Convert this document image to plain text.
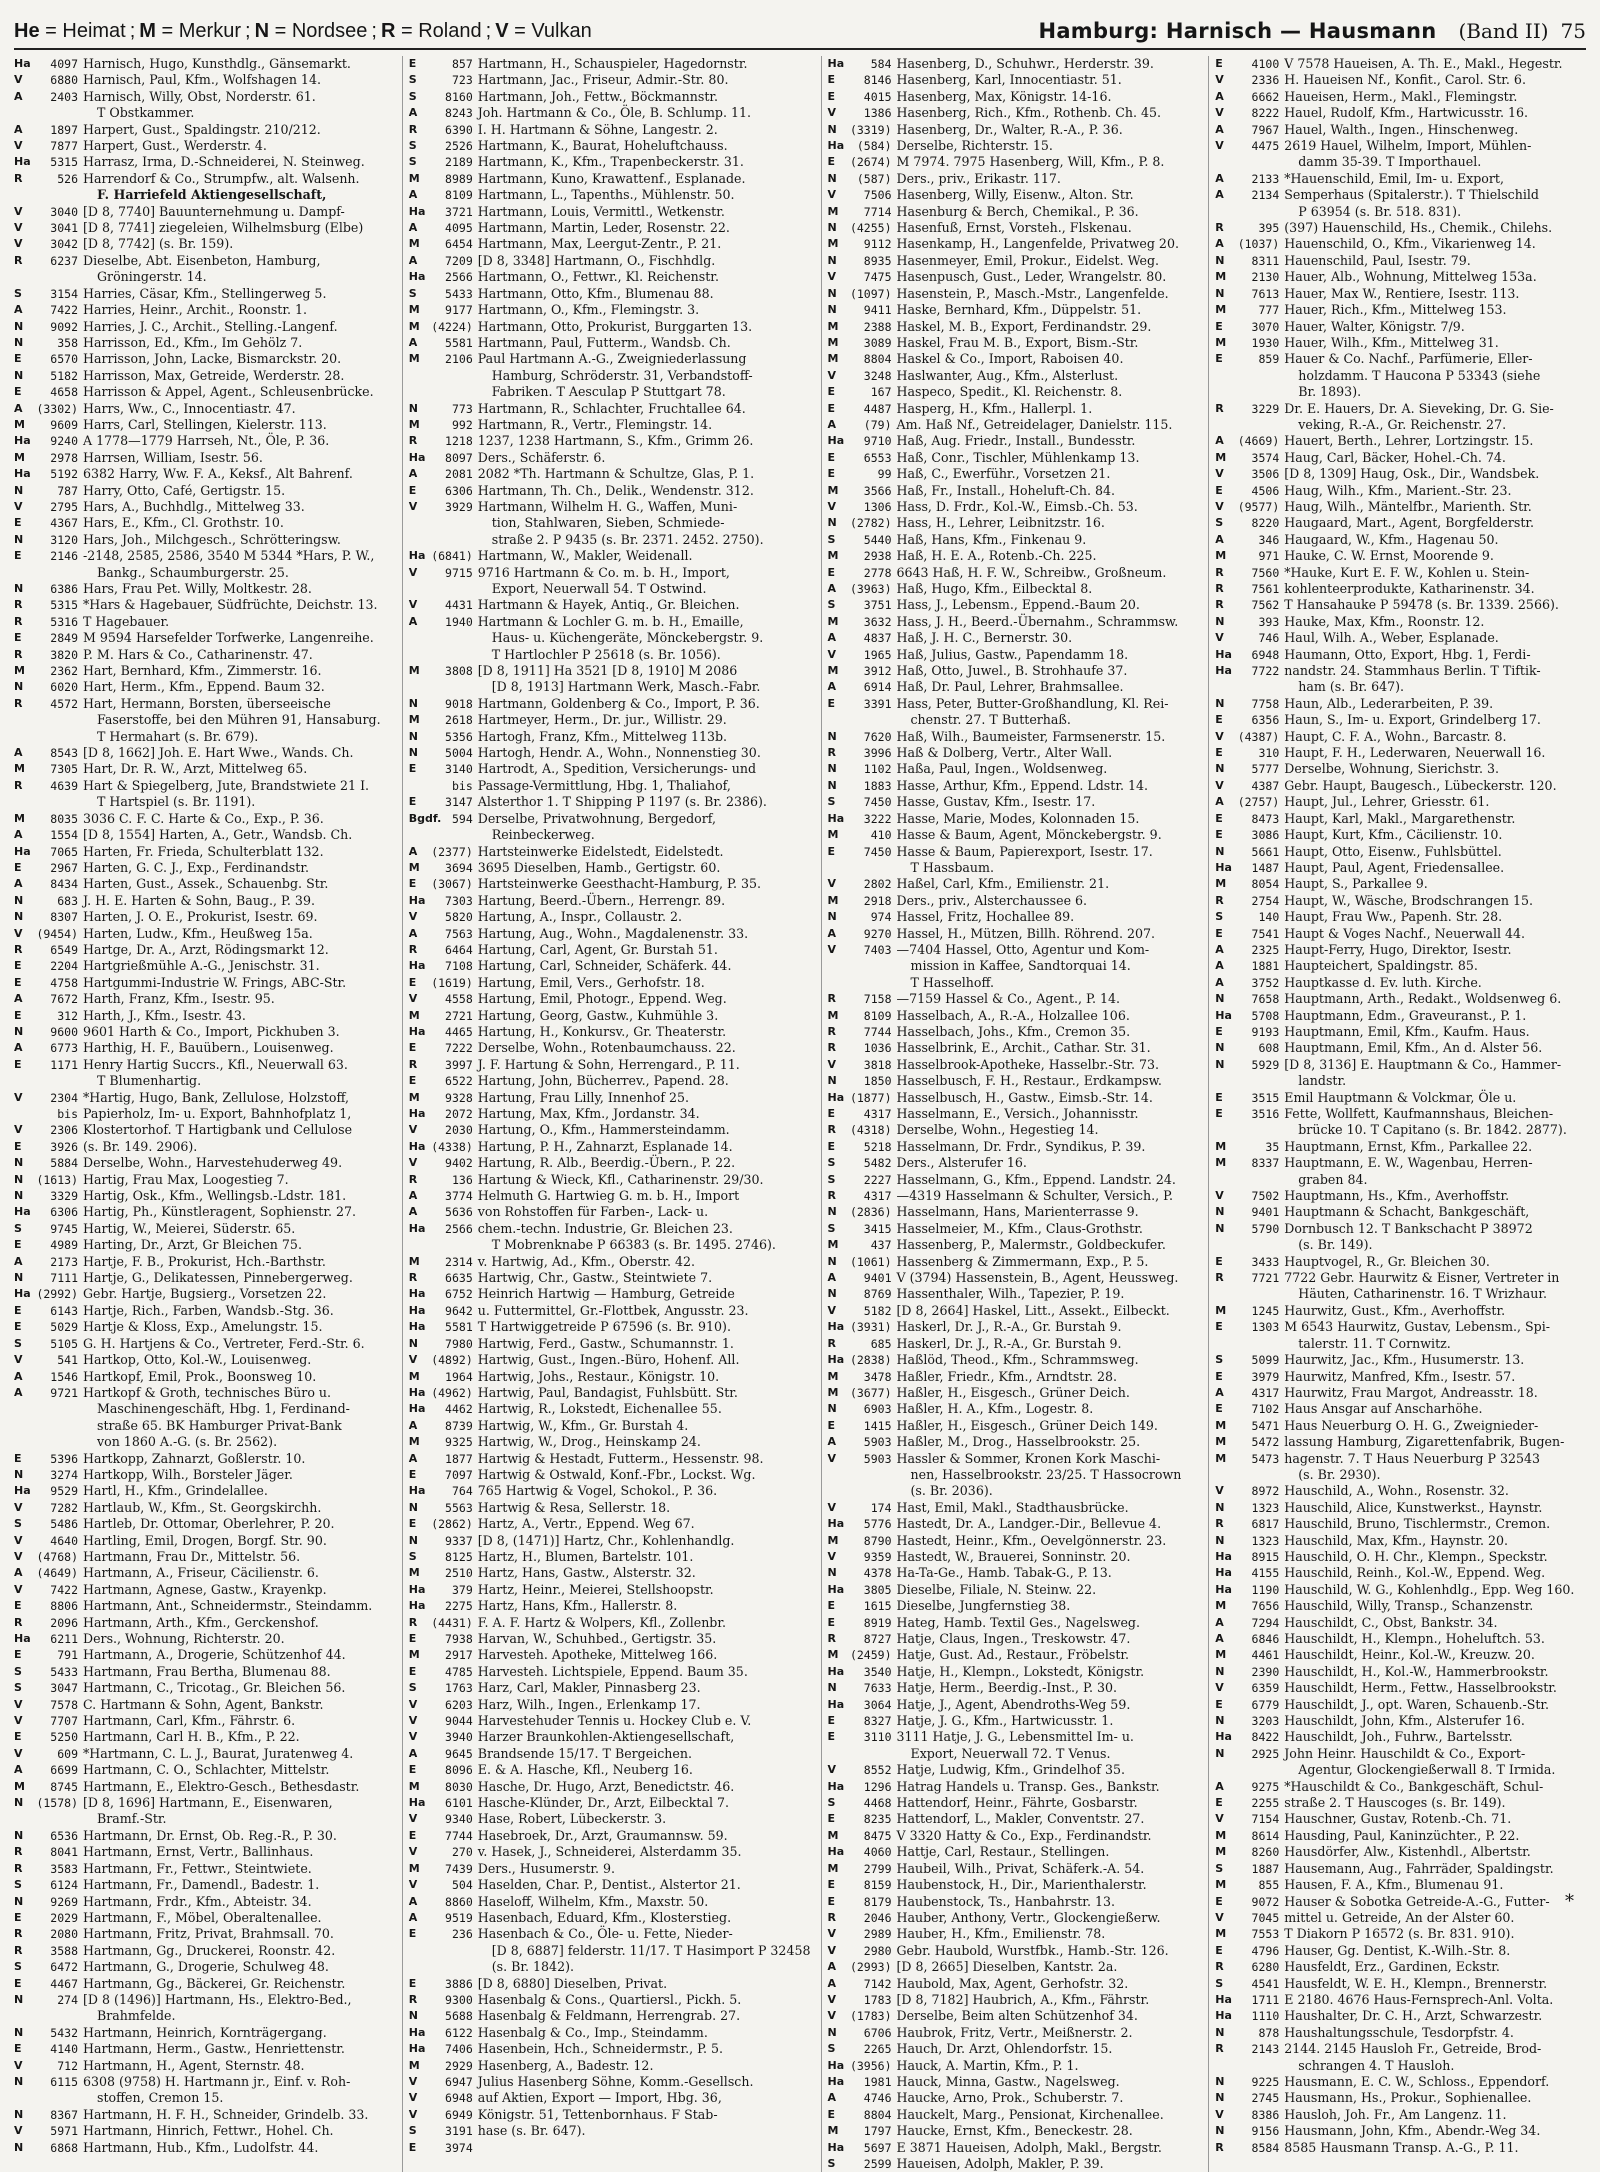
He = Heimat ; M = Merkur ; N = Nordsee ; R = Roland ; V = Vulkan	Hamburg: Harnisch — Hausmann (Band II) 75
Ha	4097 Harnisch, Hugo, Kunsthdlg., Gänsemarkt.
V	6880 Harnisch, Paul, Kfm., Wolfshagen 14.
A	2403 Harnisch, Willy, Obst, Norderstr. 61.
T Obstkammer.
A	1897 Harpert, Gust., Spaldingstr. 210/212.
V	7877 Harpert, Gust., Werderstr. 4.
Ha	5315 Harrasz, Irma, D.-Schneiderei, N. Steinweg.
R	526 Harrendorf & Co., Strumpfw., alt. Walsenh.
F. Harriefeld Aktiengesellschaft,
V	3040 [D 8, 7740] Bauunternehmung u. Dampf-
V	3041 [D 8, 7741] ziegeleien, Wilhelmsburg (Elbe)
V	3042 [D 8, 7742] (s. Br. 159).
R	6237 Dieselbe, Abt. Eisenbeton, Hamburg,
Gröningerstr. 14.
S	3154 Harries, Cäsar, Kfm., Stellingerweg 5.
A	7422 Harries, Heinr., Archit., Roonstr. 1.
N	9092 Harries, J. C., Archit., Stelling.-Langenf.
N	358 Harrisson, Ed., Kfm., Im Gehölz 7.
E	6570 Harrisson, John, Lacke, Bismarckstr. 20.
N	5182 Harrisson, Max, Getreide, Werderstr. 28.
E	4658 Harrisson & Appel, Agent., Schleusenbrücke.
A	(3302) Harrs, Ww., C., Innocentiastr. 47.
M	9609 Harrs, Carl, Stellingen, Kielerstr. 113.
Ha	9240 A 1778—1779 Harrseh, Nt., Öle, P. 36.
M	2978 Harrsen, William, Isestr. 56.
Ha	5192 6382 Harry, Ww. F. A., Keksf., Alt Bahrenf.
N	787 Harry, Otto, Café, Gertigstr. 15.
V	2795 Hars, A., Buchhdlg., Mittelweg 33.
E	4367 Hars, E., Kfm., Cl. Grothstr. 10.
N	3120 Hars, Joh., Milchgesch., Schrötteringsw.
E	2146 -2148, 2585, 2586, 3540 M 5344 *Hars, P. W.,
Bankg., Schaumburgerstr. 25.
N	6386 Hars, Frau Pet. Willy, Moltkestr. 28.
R	5315 *Hars & Hagebauer, Südfrüchte, Deichstr. 13.
R	5316 T Hagebauer.
E	2849 M 9594 Harsefelder Torfwerke, Langenreihe.
R	3820 P. M. Hars & Co., Catharinenstr. 47.
M	2362 Hart, Bernhard, Kfm., Zimmerstr. 16.
N	6020 Hart, Herm., Kfm., Eppend. Baum 32.
R	4572 Hart, Hermann, Borsten, überseeische
Faserstoffe, bei den Mühren 91, Hansaburg.
T Hermahart (s. Br. 679).
A	8543 [D 8, 1662] Joh. E. Hart Wwe., Wands. Ch.
M	7305 Hart, Dr. R. W., Arzt, Mittelweg 65.
R	4639 Hart & Spiegelberg, Jute, Brandstwiete 21 I.
T Hartspiel (s. Br. 1191).
M	8035 3036 C. F. C. Harte & Co., Exp., P. 36.
A	1554 [D 8, 1554] Harten, A., Getr., Wandsb. Ch.
Ha	7065 Harten, Fr. Frieda, Schulterblatt 132.
E	2967 Harten, G. C. J., Exp., Ferdinandstr.
A	8434 Harten, Gust., Assek., Schauenbg. Str.
N	683 J. H. E. Harten & Sohn, Baug., P. 39.
N	8307 Harten, J. O. E., Prokurist, Isestr. 69.
V	(9454) Harten, Ludw., Kfm., Heußweg 15a.
R	6549 Hartge, Dr. A., Arzt, Rödingsmarkt 12.
E	2204 Hartgrießmühle A.-G., Jenischstr. 31.
E	4758 Hartgummi-Industrie W. Frings, ABC-Str.
A	7672 Harth, Franz, Kfm., Isestr. 95.
E	312 Harth, J., Kfm., Isestr. 43.
N	9600 9601 Harth & Co., Import, Pickhuben 3.
A	6773 Harthig, H. F., Bauübern., Louisenweg.
E	1171 Henry Hartig Succrs., Kfl., Neuerwall 63.
T Blumenhartig.
V	2304 *Hartig, Hugo, Bank, Zellulose, Holzstoff,
bis Papierholz, Im- u. Export, Bahnhofplatz 1,
V	2306 Klostertorhof. T Hartigbank und Cellulose
E	3926 (s. Br. 149. 2906).
N	5884 Derselbe, Wohn., Harvestehuderweg 49.
N	(1613) Hartig, Frau Max, Loogestieg 7.
N	3329 Hartig, Osk., Kfm., Wellingsb.-Ldstr. 181.
Ha	6306 Hartig, Ph., Künstleragent, Sophienstr. 27.
S	9745 Hartig, W., Meierei, Süderstr. 65.
E	4989 Harting, Dr., Arzt, Gr Bleichen 75.
A	2173 Hartje, F. B., Prokurist, Hch.-Barthstr.
N	7111 Hartje, G., Delikatessen, Pinnebergerweg.
Ha (2992) Gebr. Hartje, Bugsierg., Vorsetzen 22.
E	6143 Hartje, Rich., Farben, Wandsb.-Stg. 36.
E	5029 Hartje & Kloss, Exp., Amelungstr. 15.
S	5105 G. H. Hartjens & Co., Vertreter, Ferd.-Str. 6.
V	541 Hartkop, Otto, Kol.-W., Louisenweg.
A	1546 Hartkopf, Emil, Prok., Boonsweg 10.
A	9721 Hartkopf & Groth, technisches Büro u.
Maschinengeschäft, Hbg. 1, Ferdinand-
straße 65. BK Hamburger Privat-Bank
von 1860 A.-G. (s. Br. 2562).
E	5396 Hartkopp, Zahnarzt, Goßlerstr. 10.
N	3274 Hartkopp, Wilh., Borsteler Jäger.
Ha	9529 Hartl, H., Kfm., Grindelallee.
V	7282 Hartlaub, W., Kfm., St. Georgskirchh.
S	5486 Hartleb, Dr. Ottomar, Oberlehrer, P. 20.
V	4640 Hartling, Emil, Drogen, Borgf. Str. 90.
V	(4768) Hartmann, Frau Dr., Mittelstr. 56.
A	(4649) Hartmann, A., Friseur, Cäcilienstr. 6.
V	7422 Hartmann, Agnese, Gastw., Krayenkp.
E	8806 Hartmann, Ant., Schneidermstr., Steindamm.
R	2096 Hartmann, Arth., Kfm., Gerckenshof.
Ha	6211 Ders., Wohnung, Richterstr. 20.
E	791 Hartmann, A., Drogerie, Schützenhof 44.
S	5433 Hartmann, Frau Bertha, Blumenau 88.
S	3047 Hartmann, C., Tricotag., Gr. Bleichen 56.
V	7578 C. Hartmann & Sohn, Agent, Bankstr.
V	7707 Hartmann, Carl, Kfm., Fährstr. 6.
E	5250 Hartmann, Carl H. B., Kfm., P. 22.
V	609 *Hartmann, C. L. J., Baurat, Juratenweg 4.
A	6699 Hartmann, C. O., Schlachter, Mittelstr.
M	8745 Hartmann, E., Elektro-Gesch., Bethesdastr.
N	(1578) [D 8, 1696] Hartmann, E., Eisenwaren,
Bramf.-Str.
N	6536 Hartmann, Dr. Ernst, Ob. Reg.-R., P. 30.
R	8041 Hartmann, Ernst, Vertr., Ballinhaus.
R	3583 Hartmann, Fr., Fettwr., Steintwiete.
S	6124 Hartmann, Fr., Damendl., Badestr. 1.
N	9269 Hartmann, Frdr., Kfm., Abteistr. 34.
E	2029 Hartmann, F., Möbel, Oberaltenallee.
R	2080 Hartmann, Fritz, Privat, Brahmsall. 70.
R	3588 Hartmann, Gg., Druckerei, Roonstr. 42.
S	6472 Hartmann, G., Drogerie, Schulweg 48.
E	4467 Hartmann, Gg., Bäckerei, Gr. Reichenstr.
N	274 [D 8 (1496)] Hartmann, Hs., Elektro-Bed.,
Brahmfelde.
N	5432 Hartmann, Heinrich, Kornträgergang.
E	4140 Hartmann, Herm., Gastw., Henriettenstr.
V	712 Hartmann, H., Agent, Sternstr. 48.
N	6115 6308 (9758) H. Hartmann jr., Einf. v. Roh-
stoffen, Cremon 15.
N	8367 Hartmann, H. F. H., Schneider, Grindelb. 33.
V	5971 Hartmann, Hinrich, Fettwr., Hohel. Ch.
N	6868 Hartmann, Hub., Kfm., Ludolfstr. 44.
E	857 Hartmann, H., Schauspieler, Hagedornstr.
S	723 Hartmann, Jac., Friseur, Admir.-Str. 80.
S	8160 Hartmann, Joh., Fettw., Böckmannstr.
A	8243 Joh. Hartmann & Co., Öle, B. Schlump. 11.
R	6390 I. H. Hartmann & Söhne, Langestr. 2.
S	2526 Hartmann, K., Baurat, Hoheluftchauss.
S	2189 Hartmann, K., Kfm., Trapenbeckerstr. 31.
M	8989 Hartmann, Kuno, Krawattenf., Esplanade.
A	8109 Hartmann, L., Tapenths., Mühlenstr. 50.
Ha	3721 Hartmann, Louis, Vermittl., Wetkenstr.
A	4095 Hartmann, Martin, Leder, Rosenstr. 22.
M	6454 Hartmann, Max, Leergut-Zentr., P. 21.
A	7209 [D 8, 3348] Hartmann, O., Fischhdlg.
Ha	2566 Hartmann, O., Fettwr., Kl. Reichenstr.
S	5433 Hartmann, Otto, Kfm., Blumenau 88.
M	9177 Hartmann, O., Kfm., Flemingstr. 3.
M	(4224) Hartmann, Otto, Prokurist, Burggarten 13.
A	5581 Hartmann, Paul, Futterm., Wandsb. Ch.
M	2106 Paul Hartmann A.-G., Zweigniederlassung
Hamburg, Schröderstr. 31, Verbandstoff-
Fabriken. T Aesculap P Stuttgart 78.
N	773 Hartmann, R., Schlachter, Fruchtallee 64.
M	992 Hartmann, R., Vertr., Flemingstr. 14.
R	1218 1237, 1238 Hartmann, S., Kfm., Grimm 26.
Ha	8097 Ders., Schäferstr. 6.
A	2081 2082 *Th. Hartmann & Schultze, Glas, P. 1.
E	6306 Hartmann, Th. Ch., Delik., Wendenstr. 312.
V	3929 Hartmann, Wilhelm H. G., Waffen, Muni-
tion, Stahlwaren, Sieben, Schmiede-
straße 2. P 9435 (s. Br. 2371. 2452. 2750).
Ha (6841) Hartmann, W., Makler, Weidenall.
V	9715 9716 Hartmann & Co. m. b. H., Import,
Export, Neuerwall 54. T Ostwind.
V	4431 Hartmann & Hayek, Antiq., Gr. Bleichen.
A	1940 Hartmann & Lochler G. m. b. H., Emaille,
Haus- u. Küchengeräte, Mönckebergstr. 9.
T Hartlochler P 25618 (s. Br. 1056).
M	3808 [D 8, 1911] Ha 3521 [D 8, 1910] M 2086
[D 8, 1913] Hartmann Werk, Masch.-Fabr.
N	9018 Hartmann, Goldenberg & Co., Import, P. 36.
M	2618 Hartmeyer, Herm., Dr. jur., Willistr. 29.
N	5356 Hartogh, Franz, Kfm., Mittelweg 113b.
N	5004 Hartogh, Hendr. A., Wohn., Nonnenstieg 30.
E	3140 Hartrodt, A., Spedition, Versicherungs- und
bis Passage-Vermittlung, Hbg. 1, Thaliahof,
E	3147 Alsterthor 1. T Shipping P 1197 (s. Br. 2386).
Bgdf. 594 Derselbe, Privatwohnung, Bergedorf,
Reinbeckerweg.
A	(2377) Hartsteinwerke Eidelstedt, Eidelstedt.
M	3694 3695 Dieselben, Hamb., Gertigstr. 60.
E	(3067) Hartsteinwerke Geesthacht-Hamburg, P. 35.
Ha	7303 Hartung, Beerd.-Übern., Herrengr. 89.
V	5820 Hartung, A., Inspr., Collaustr. 2.
A	7563 Hartung, Aug., Wohn., Magdalenenstr. 33.
R	6464 Hartung, Carl, Agent, Gr. Burstah 51.
Ha	7108 Hartung, Carl, Schneider, Schäferk. 44.
E	(1619) Hartung, Emil, Vers., Gerhofstr. 18.
V	4558 Hartung, Emil, Photogr., Eppend. Weg.
M	2721 Hartung, Georg, Gastw., Kuhmühle 3.
Ha	4465 Hartung, H., Konkursv., Gr. Theaterstr.
E	7222 Derselbe, Wohn., Rotenbaumchauss. 22.
R	3997 J. F. Hartung & Sohn, Herrengard., P. 11.
E	6522 Hartung, John, Bücherrev., Papend. 28.
M	9328 Hartung, Frau Lilly, Innenhof 25.
Ha	2072 Hartung, Max, Kfm., Jordanstr. 34.
V	2030 Hartung, O., Kfm., Hammersteindamm.
Ha (4338) Hartung, P. H., Zahnarzt, Esplanade 14.
V	9402 Hartung, R. Alb., Beerdig.-Übern., P. 22.
R	136 Hartung & Wieck, Kfl., Catharinenstr. 29/30.
A	3774 Helmuth G. Hartwieg G. m. b. H., Import
A	5636 von Rohstoffen für Farben-, Lack- u.
Ha	2566 chem.-techn. Industrie, Gr. Bleichen 23.
T Mobrenknabe P 66383 (s. Br. 1495. 2746).
M	2314 v. Hartwig, Ad., Kfm., Oberstr. 42.
R	6635 Hartwig, Chr., Gastw., Steintwiete 7.
Ha	6752 Heinrich Hartwig — Hamburg, Getreide
Ha	9642 u. Futtermittel, Gr.-Flottbek, Angusstr. 23.
Ha	5581 T Hartwiggetreide P 67596 (s. Br. 910).
N	7980 Hartwig, Ferd., Gastw., Schumannstr. 1.
V	(4892) Hartwig, Gust., Ingen.-Büro, Hohenf. All.
M	1964 Hartwig, Johs., Restaur., Königstr. 10.
Ha (4962) Hartwig, Paul, Bandagist, Fuhlsbütt. Str.
Ha	4462 Hartwig, R., Lokstedt, Eichenallee 55.
A	8739 Hartwig, W., Kfm., Gr. Burstah 4.
M	9325 Hartwig, W., Drog., Heinskamp 24.
A	1877 Hartwig & Hestadt, Futterm., Hessenstr. 98.
E	7097 Hartwig & Ostwald, Konf.-Fbr., Lockst. Wg.
Ha	764 765 Hartwig & Vogel, Schokol., P. 36.
N	5563 Hartwig & Resa, Sellerstr. 18.
E	(2862) Hartz, A., Vertr., Eppend. Weg 67.
N	9337 [D 8, (1471)] Hartz, Chr., Kohlenhandlg.
S	8125 Hartz, H., Blumen, Bartelstr. 101.
M	2510 Hartz, Hans, Gastw., Alsterstr. 32.
Ha	379 Hartz, Heinr., Meierei, Stellshoopstr.
Ha	2275 Hartz, Hans, Kfm., Hallerstr. 8.
R	(4431) F. A. F. Hartz & Wolpers, Kfl., Zollenbr.
E	7938 Harvan, W., Schuhbed., Gertigstr. 35.
M	2917 Harvesteh. Apotheke, Mittelweg 166.
E	4785 Harvesteh. Lichtspiele, Eppend. Baum 35.
S	1763 Harz, Carl, Makler, Pinnasberg 23.
V	6203 Harz, Wilh., Ingen., Erlenkamp 17.
V	9044 Harvestehuder Tennis u. Hockey Club e. V.
V	3940 Harzer Braunkohlen-Aktiengesellschaft,
A	9645 Brandsende 15/17. T Bergeichen.
E	8096 E. & A. Hasche, Kfl., Neuberg 16.
M	8030 Hasche, Dr. Hugo, Arzt, Benedictstr. 46.
Ha	6101 Hasche-Klünder, Dr., Arzt, Eilbecktal 7.
V	9340 Hase, Robert, Lübeckerstr. 3.
E	7744 Hasebroek, Dr., Arzt, Graumannsw. 59.
V	270 v. Hasek, J., Schneiderei, Alsterdamm 35.
M	7439 Ders., Husumerstr. 9.
V	504 Haselden, Char. P., Dentist., Alstertor 21.
A	8860 Haseloff, Wilhelm, Kfm., Maxstr. 50.
A	9519 Hasenbach, Eduard, Kfm., Klosterstieg.
E	236 Hasenbach & Co., Öle- u. Fette, Nieder-
[D 8, 6887] felderstr. 11/17. T Hasimport P 32458
(s. Br. 1842).
E	3886 [D 8, 6880] Dieselben, Privat.
R	9300 Hasenbalg & Cons., Quartiersl., Pickh. 5.
N	5688 Hasenbalg & Feldmann, Herrengrab. 27.
Ha	6122 Hasenbalg & Co., Imp., Steindamm.
Ha	7406 Hasenbein, Hch., Schneidermstr., P. 5.
M	2929 Hasenberg, A., Badestr. 12.
V	6947 Julius Hasenberg Söhne, Komm.-Gesellsch.
V	6948 auf Aktien, Export — Import, Hbg. 36,
V	6949 Königstr. 51, Tettenbornhaus. F Stab-
S	3191 hase (s. Br. 647).
E	3974
Ha	584 Hasenberg, D., Schuhwr., Herderstr. 39.
E	8146 Hasenberg, Karl, Innocentiastr. 51.
E	4015 Hasenberg, Max, Königstr. 14-16.
V	1386 Hasenberg, Rich., Kfm., Rothenb. Ch. 45.
N	(3319) Hasenberg, Dr., Walter, R.-A., P. 36.
Ha	(584) Derselbe, Richterstr. 15.
E	(2674) M 7974. 7975 Hasenberg, Will, Kfm., P. 8.
N	(587) Ders., priv., Erikastr. 117.
V	7506 Hasenberg, Willy, Eisenw., Alton. Str.
M	7714 Hasenburg & Berch, Chemikal., P. 36.
N	(4255) Hasenfuß, Ernst, Vorsteh., Flskenau.
M	9112 Hasenkamp, H., Langenfelde, Privatweg 20.
N	8935 Hasenmeyer, Emil, Prokur., Eidelst. Weg.
V	7475 Hasenpusch, Gust., Leder, Wrangelstr. 80.
N	(1097) Hasenstein, P., Masch.-Mstr., Langenfelde.
N	9411 Haske, Bernhard, Kfm., Düppelstr. 51.
M	2388 Haskel, M. B., Export, Ferdinandstr. 29.
M	3089 Haskel, Frau M. B., Export, Bism.-Str.
M	8804 Haskel & Co., Import, Raboisen 40.
V	3248 Haslwanter, Aug., Kfm., Alsterlust.
E	167 Haspeco, Spedit., Kl. Reichenstr. 8.
E	4487 Hasperg, H., Kfm., Hallerpl. 1.
A	(79) Am. Haß Nf., Getreidelager, Danielstr. 115.
Ha	9710 Haß, Aug. Friedr., Install., Bundesstr.
E	6553 Haß, Conr., Tischler, Mühlenkamp 13.
E	99 Haß, C., Ewerführ., Vorsetzen 21.
M	3566 Haß, Fr., Install., Hoheluft-Ch. 84.
V	1306 Hass, D. Frdr., Kol.-W., Eimsb.-Ch. 53.
N	(2782) Hass, H., Lehrer, Leibnitzstr. 16.
S	5440 Haß, Hans, Kfm., Finkenau 9.
M	2938 Haß, H. E. A., Rotenb.-Ch. 225.
E	2778 6643 Haß, H. F. W., Schreibw., Großneum.
A	(3963) Haß, Hugo, Kfm., Eilbecktal 8.
S	3751 Hass, J., Lebensm., Eppend.-Baum 20.
M	3632 Hass, J. H., Beerd.-Übernahm., Schrammsw.
A	4837 Haß, J. H. C., Bernerstr. 30.
V	1965 Haß, Julius, Gastw., Papendamm 18.
M	3912 Haß, Otto, Juwel., B. Strohhaufe 37.
A	6914 Haß, Dr. Paul, Lehrer, Brahmsallee.
E	3391 Hass, Peter, Butter-Großhandlung, Kl. Rei-
chenstr. 27. T Butterhaß.
N	7620 Haß, Wilh., Baumeister, Farmsenerstr. 15.
R	3996 Haß & Dolberg, Vertr., Alter Wall.
N	1102 Haßa, Paul, Ingen., Woldsenweg.
N	1883 Hasse, Arthur, Kfm., Eppend. Ldstr. 14.
S	7450 Hasse, Gustav, Kfm., Isestr. 17.
Ha	3222 Hasse, Marie, Modes, Kolonnaden 15.
M	410 Hasse & Baum, Agent, Mönckebergstr. 9.
E	7450 Hasse & Baum, Papierexport, Isestr. 17.
T Hassbaum.
V	2802 Haßel, Carl, Kfm., Emilienstr. 21.
M	2918 Ders., priv., Alsterchaussee 6.
N	974 Hassel, Fritz, Hochallee 89.
A	9270 Hassel, H., Mützen, Billh. Röhrend. 207.
V	7403 —7404 Hassel, Otto, Agentur und Kom-
mission in Kaffee, Sandtorquai 14.
T Hasselhoff.
R	7158 —7159 Hassel & Co., Agent., P. 14.
M	8109 Hasselbach, A., R.-A., Holzallee 106.
R	7744 Hasselbach, Johs., Kfm., Cremon 35.
R	1036 Hasselbrink, E., Archit., Cathar. Str. 31.
V	3818 Hasselbrook-Apotheke, Hasselbr.-Str. 73.
N	1850 Hasselbusch, F. H., Restaur., Erdkampsw.
Ha (1877) Hasselbusch, H., Gastw., Eimsb.-Str. 14.
E	4317 Hasselmann, E., Versich., Johannisstr.
R	(4318) Derselbe, Wohn., Hegestieg 14.
E	5218 Hasselmann, Dr. Frdr., Syndikus, P. 39.
S	5482 Ders., Alsterufer 16.
S	2227 Hasselmann, G., Kfm., Eppend. Landstr. 24.
R	4317 —4319 Hasselmann & Schulter, Versich., P.
N	(2836) Hasselmann, Hans, Marienterrasse 9.
S	3415 Hasselmeier, M., Kfm., Claus-Grothstr.
M	437 Hassenberg, P., Malermstr., Goldbeckufer.
N	(1061) Hassenberg & Zimmermann, Exp., P. 5.
A	9401 V (3794) Hassenstein, B., Agent, Heussweg.
N	8769 Hassenthaler, Wilh., Tapezier, P. 19.
V	5182 [D 8, 2664] Haskel, Litt., Assekt., Eilbeckt.
Ha (3931) Haskerl, Dr. J., R.-A., Gr. Burstah 9.
R	685 Haskerl, Dr. J., R.-A., Gr. Burstah 9.
Ha (2838) Haßlöd, Theod., Kfm., Schrammsweg.
M	3478 Haßler, Friedr., Kfm., Arndtstr. 28.
M	(3677) Haßler, H., Eisgesch., Grüner Deich.
N	6903 Haßler, H. A., Kfm., Logestr. 8.
E	1415 Haßler, H., Eisgesch., Grüner Deich 149.
A	5903 Haßler, M., Drog., Hasselbrookstr. 25.
V	5903 Hassler & Sommer, Kronen Kork Maschi-
nen, Hasselbrookstr. 23/25. T Hassocrown
(s. Br. 2036).
V	174 Hast, Emil, Makl., Stadthausbrücke.
Ha	5776 Hastedt, Dr. A., Landger.-Dir., Bellevue 4.
M	8790 Hastedt, Heinr., Kfm., Oevelgönnerstr. 23.
V	9359 Hastedt, W., Brauerei, Sonninstr. 20.
N	4378 Ha-Ta-Ge., Hamb. Tabak-G., P. 13.
Ha	3805 Dieselbe, Filiale, N. Steinw. 22.
E	1615 Dieselbe, Jungfernstieg 38.
E	8919 Hateg, Hamb. Textil Ges., Nagelsweg.
R	8727 Hatje, Claus, Ingen., Treskowstr. 47.
M	(2459) Hatje, Gust. Ad., Restaur., Fröbelstr.
Ha	3540 Hatje, H., Klempn., Lokstedt, Königstr.
N	7633 Hatje, Herm., Beerdig.-Inst., P. 30.
Ha	3064 Hatje, J., Agent, Abendroths-Weg 59.
E	8327 Hatje, J. G., Kfm., Hartwicusstr. 1.
E	3110 3111 Hatje, J. G., Lebensmittel Im- u.
Export, Neuerwall 72. T Venus.
V	8552 Hatje, Ludwig, Kfm., Grindelhof 35.
Ha	1296 Hatrag Handels u. Transp. Ges., Bankstr.
S	4468 Hattendorf, Heinr., Fährte, Gosbarstr.
E	8235 Hattendorf, L., Makler, Conventstr. 27.
M	8475 V 3320 Hatty & Co., Exp., Ferdinandstr.
Ha	4060 Hattje, Carl, Restaur., Stellingen.
M	2799 Haubeil, Wilh., Privat, Schäferk.-A. 54.
E	8159 Haubenstock, H., Dir., Marienthalerstr.
E	8179 Haubenstock, Ts., Hanbahrstr. 13.
R	2046 Hauber, Anthony, Vertr., Glockengießerw.
V	2989 Hauber, H., Kfm., Emilienstr. 78.
V	2980 Gebr. Haubold, Wurstfbk., Hamb.-Str. 126.
A	(2993) [D 8, 2665] Dieselben, Kantstr. 2a.
A	7142 Haubold, Max, Agent, Gerhofstr. 32.
V	1783 [D 8, 7182] Haubrich, A., Kfm., Fährstr.
V	(1783) Derselbe, Beim alten Schützenhof 34.
N	6706 Haubrok, Fritz, Vertr., Meißnerstr. 2.
S	2265 Hauch, Dr. Arzt, Ohlendorfstr. 15.
Ha (3956) Hauck, A. Martin, Kfm., P. 1.
Ha	1981 Hauck, Minna, Gastw., Nagelsweg.
A	4746 Haucke, Arno, Prok., Schuberstr. 7.
E	8804 Hauckelt, Marg., Pensionat, Kirchenallee.
M	1797 Haucke, Ernst, Kfm., Beneckestr. 28.
Ha	5697 E 3871 Haueisen, Adolph, Makl., Bergstr.
S	2599 Haueisen, Adolph, Makler, P. 39.
E	4100 V 7578 Haueisen, A. Th. E., Makl., Hegestr.
V	2336 H. Haueisen Nf., Konfit., Carol. Str. 6.
A	6662 Haueisen, Herm., Makl., Flemingstr.
V	8222 Hauel, Rudolf, Kfm., Hartwicusstr. 16.
A	7967 Hauel, Walth., Ingen., Hinschenweg.
V	4475 2619 Hauel, Wilhelm, Import, Mühlen-
damm 35-39. T Importhauel.
A	2133 *Hauenschild, Emil, Im- u. Export,
A	2134 Semperhaus (Spitalerstr.). T Thielschild
P 63954 (s. Br. 518. 831).
R	395 (397) Hauenschild, Hs., Chemik., Chilehs.
A	(1037) Hauenschild, O., Kfm., Vikarienweg 14.
N	8311 Hauenschild, Paul, Isestr. 79.
M	2130 Hauer, Alb., Wohnung, Mittelweg 153a.
N	7613 Hauer, Max W., Rentiere, Isestr. 113.
M	777 Hauer, Rich., Kfm., Mittelweg 153.
E	3070 Hauer, Walter, Königstr. 7/9.
M	1930 Hauer, Wilh., Kfm., Mittelweg 31.
E	859 Hauer & Co. Nachf., Parfümerie, Eller-
holzdamm. T Haucona P 53343 (siehe
Br. 1893).
R	3229 Dr. E. Hauers, Dr. A. Sieveking, Dr. G. Sie-
veking, R.-A., Gr. Reichenstr. 27.
A	(4669) Hauert, Berth., Lehrer, Lortzingstr. 15.
M	3574 Haug, Carl, Bäcker, Hohel.-Ch. 74.
V	3506 [D 8, 1309] Haug, Osk., Dir., Wandsbek.
E	4506 Haug, Wilh., Kfm., Marient.-Str. 23.
V	(9577) Haug, Wilh., Mäntelfbr., Marienth. Str.
S	8220 Haugaard, Mart., Agent, Borgfelderstr.
A	346 Haugaard, W., Kfm., Hagenau 50.
M	971 Hauke, C. W. Ernst, Moorende 9.
R	7560 *Hauke, Kurt E. F. W., Kohlen u. Stein-
R	7561 kohlenteerprodukte, Katharinenstr. 34.
R	7562 T Hansahauke P 59478 (s. Br. 1339. 2566).
N	393 Hauke, Max, Kfm., Roonstr. 12.
V	746 Haul, Wilh. A., Weber, Esplanade.
Ha	6948 Haumann, Otto, Export, Hbg. 1, Ferdi-
Ha	7722 nandstr. 24. Stammhaus Berlin. T Tiftik-
ham (s. Br. 647).
N	7758 Haun, Alb., Lederarbeiten, P. 39.
E	6356 Haun, S., Im- u. Export, Grindelberg 17.
V	(4387) Haupt, C. F. A., Wohn., Barcastr. 8.
E	310 Haupt, F. H., Lederwaren, Neuerwall 16.
N	5777 Derselbe, Wohnung, Sierichstr. 3.
V	4387 Gebr. Haupt, Baugesch., Lübeckerstr. 120.
A	(2757) Haupt, Jul., Lehrer, Griesstr. 61.
E	8473 Haupt, Karl, Makl., Margarethenstr.
E	3086 Haupt, Kurt, Kfm., Cäcilienstr. 10.
N	5661 Haupt, Otto, Eisenw., Fuhlsbüttel.
Ha	1487 Haupt, Paul, Agent, Friedensallee.
M	8054 Haupt, S., Parkallee 9.
R	2754 Haupt, W., Wäsche, Brodschrangen 15.
S	140 Haupt, Frau Ww., Papenh. Str. 28.
E	7541 Haupt & Voges Nachf., Neuerwall 44.
A	2325 Haupt-Ferry, Hugo, Direktor, Isestr.
A	1881 Haupteichert, Spaldingstr. 85.
A	3752 Hauptkasse d. Ev. luth. Kirche.
N	7658 Hauptmann, Arth., Redakt., Woldsenweg 6.
Ha	5708 Hauptmann, Edm., Graveuranst., P. 1.
E	9193 Hauptmann, Emil, Kfm., Kaufm. Haus.
N	608 Hauptmann, Emil, Kfm., An d. Alster 56.
N	5929 [D 8, 3136] E. Hauptmann & Co., Hammer-
landstr.
E	3515 Emil Hauptmann & Volckmar, Öle u.
E	3516 Fette, Wollfett, Kaufmannshaus, Bleichen-
brücke 10. T Capitano (s. Br. 1842. 2877).
M	35 Hauptmann, Ernst, Kfm., Parkallee 22.
M	8337 Hauptmann, E. W., Wagenbau, Herren-
graben 84.
V	7502 Hauptmann, Hs., Kfm., Averhoffstr.
N	9401 Hauptmann & Schacht, Bankgeschäft,
N	5790 Dornbusch 12. T Bankschacht P 38972
(s. Br. 149).
E	3433 Hauptvogel, R., Gr. Bleichen 30.
R	7721 7722 Gebr. Haurwitz & Eisner, Vertreter in
Häuten, Catharinenstr. 16. T Wrizhaur.
M	1245 Haurwitz, Gust., Kfm., Averhoffstr.
E	1303 M 6543 Haurwitz, Gustav, Lebensm., Spi-
talerstr. 11. T Cornwitz.
S	5099 Haurwitz, Jac., Kfm., Husumerstr. 13.
E	3979 Haurwitz, Manfred, Kfm., Isestr. 57.
A	4317 Haurwitz, Frau Margot, Andreasstr. 18.
E	7102 Haus Ansgar auf Anscharhöhe.
M	5471 Haus Neuerburg O. H. G., Zweignieder-
M	5472 lassung Hamburg, Zigarettenfabrik, Bugen-
M	5473 hagenstr. 7. T Haus Neuerburg P 32543
(s. Br. 2930).
V	8972 Hauschild, A., Wohn., Rosenstr. 32.
N	1323 Hauschild, Alice, Kunstwerkst., Haynstr.
R	6817 Hauschild, Bruno, Tischlermstr., Cremon.
N	1323 Hauschild, Max, Kfm., Haynstr. 20.
Ha	8915 Hauschild, O. H. Chr., Klempn., Speckstr.
Ha	4155 Hauschild, Reinh., Kol.-W., Eppend. Weg.
Ha	1190 Hauschild, W. G., Kohlenhdlg., Epp. Weg 160.
M	7656 Hauschild, Willy, Transp., Schanzenstr.
A	7294 Hauschildt, C., Obst, Bankstr. 34.
A	6846 Hauschildt, H., Klempn., Hoheluftch. 53.
M	4461 Hauschildt, Heinr., Kol.-W., Kreuzw. 20.
N	2390 Hauschildt, H., Kol.-W., Hammerbrookstr.
V	6359 Hauschildt, Herm., Fettw., Hasselbrookstr.
E	6779 Hauschildt, J., opt. Waren, Schauenb.-Str.
N	3203 Hauschildt, John, Kfm., Alsterufer 16.
Ha	8422 Hauschildt, Joh., Fuhrw., Bartelsstr.
N	2925 John Heinr. Hauschildt & Co., Export-
Agentur, Glockengießerwall 8. T Irmida.
A	9275 *Hauschildt & Co., Bankgeschäft, Schul-
E	2255 straße 2. T Hauscoges (s. Br. 149).
V	7154 Hauschner, Gustav, Rotenb.-Ch. 71.
M	8614 Hausding, Paul, Kaninzüchter., P. 22.
M	8260 Hausdörfer, Alw., Kistenhdl., Albertstr.
S	1887 Hausemann, Aug., Fahrräder, Spaldingstr.
M	855 Hausen, F. A., Kfm., Blumenau 91.
E	9072 Hauser & Sobotka Getreide-A.-G., Futter-
V	7045 mittel u. Getreide, An der Alster 60.
M	7553 T Diakorn P 16572 (s. Br. 831. 910).
E	4796 Hauser, Gg. Dentist, K.-Wilh.-Str. 8.
R	6280 Hausfeldt, Erz., Gardinen, Eckstr.
S	4541 Hausfeldt, W. E. H., Klempn., Brennerstr.
Ha	1711 E 2180. 4676 Haus-Fernsprech-Anl. Volta.
Ha	1110 Haushalter, Dr. C. H., Arzt, Schwarzestr.
N	878 Haushaltungsschule, Tesdorpfstr. 4.
R	2143 2144. 2145 Hausloh Fr., Getreide, Brod-
schrangen 4. T Hausloh.
N	9225 Hausmann, E. C. W., Schloss., Eppendorf.
N	2745 Hausmann, Hs., Prokur., Sophienallee.
V	8386 Hausloh, Joh. Fr., Am Langenz. 11.
N	9156 Hausmann, John, Kfm., Abendr.-Weg 34.
R	8584 8585 Hausmann Transp. A.-G., P. 11.
*
